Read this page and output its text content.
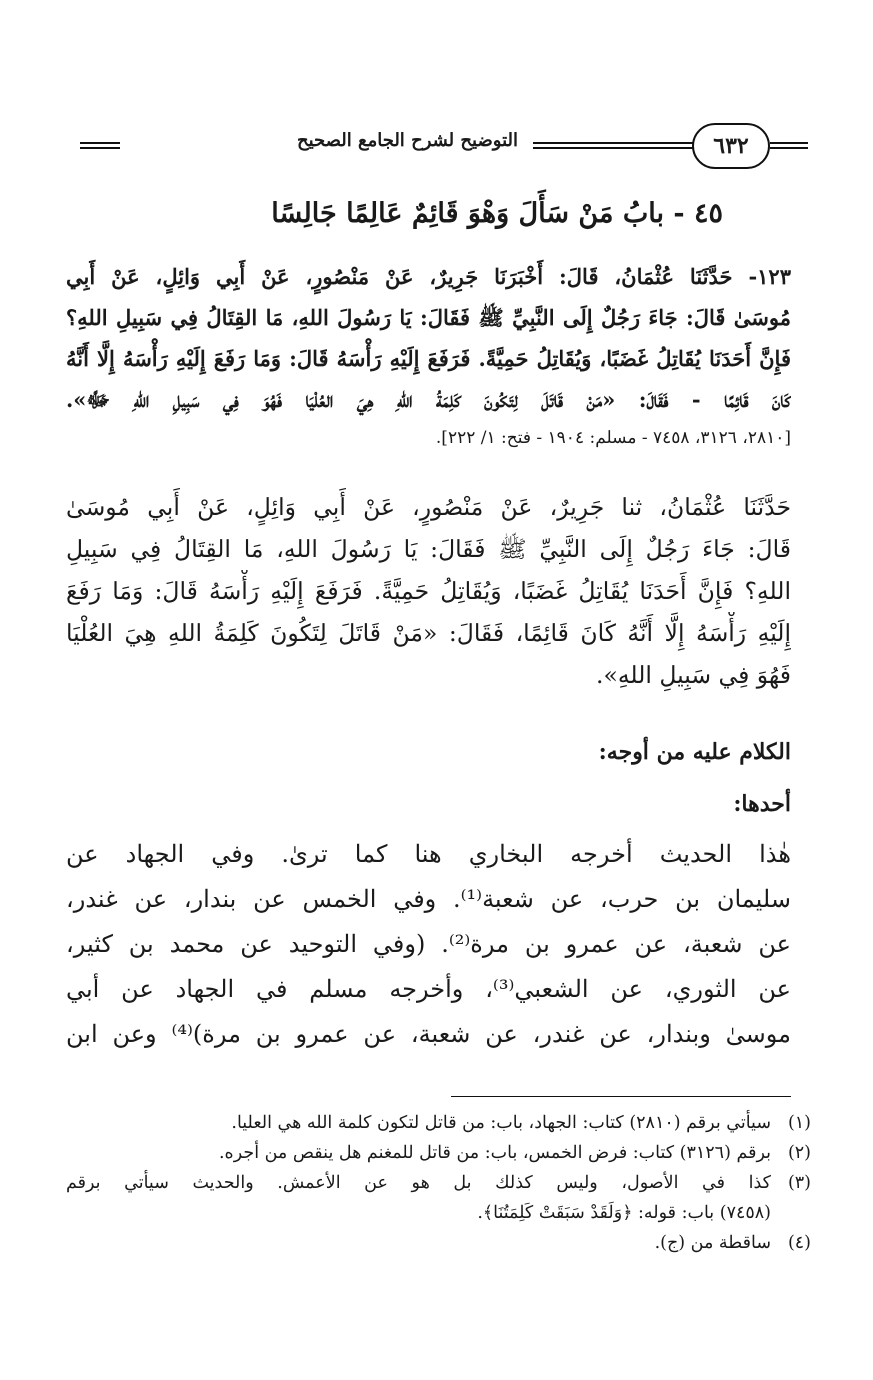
٦٣٢
التوضيح لشرح الجامع الصحيح
٤٥ - بابُ مَنْ سَأَلَ وَهْوَ قَائِمٌ عَالِمًا جَالِسًا
١٢٣- حَدَّثَنَا عُثْمَانُ، قَالَ: أَخْبَرَنَا جَرِيرٌ، عَنْ مَنْصُورٍ، عَنْ أَبِي وَائِلٍ، عَنْ أَبِي
مُوسَىٰ قَالَ: جَاءَ رَجُلٌ إِلَى النَّبِيِّ ﷺ فَقَالَ: يَا رَسُولَ اللهِ، مَا القِتَالُ فِي سَبِيلِ اللهِ؟
فَإِنَّ أَحَدَنَا يُقَاتِلُ غَضَبًا، وَيُقَاتِلُ حَمِيَّةً. فَرَفَعَ إِلَيْهِ رَأْسَهُ قَالَ: وَمَا رَفَعَ إِلَيْهِ رَأْسَهُ إِلَّا أَنَّهُ
كَانَ قَائِمًا - فَقَالَ: «مَنْ قَاتَلَ لِتَكُونَ كَلِمَةُ اللهِ هِيَ العُلْيَا فَهُوَ فِي سَبِيلِ اللهِ ﷻ».
[٢٨١٠، ٣١٢٦، ٧٤٥٨ - مسلم: ١٩٠٤ - فتح: ١/ ٢٢٢].
حَدَّثَنَا عُثْمَانُ، ثنا جَرِيرٌ، عَنْ مَنْصُورٍ، عَنْ أَبِي وَائِلٍ، عَنْ أَبِي مُوسَىٰ
قَالَ: جَاءَ رَجُلٌ إِلَى النَّبِيِّ ﷺ فَقَالَ: يَا رَسُولَ اللهِ، مَا القِتَالُ فِي سَبِيلِ
اللهِ؟ فَإِنَّ أَحَدَنَا يُقَاتِلُ غَضَبًا، وَيُقَاتِلُ حَمِيَّةً. فَرَفَعَ إِلَيْهِ رَأْسَهُ قَالَ: وَمَا رَفَعَ
إِلَيْهِ رَأْسَهُ إِلَّا أَنَّهُ كَانَ قَائِمًا، فَقَالَ: «مَنْ قَاتَلَ لِتَكُونَ كَلِمَةُ اللهِ هِيَ العُلْيَا
فَهُوَ فِي سَبِيلِ اللهِ».
الكلام عليه من أوجه:
أحدها:
هٰذا الحديث أخرجه البخاري هنا كما ترىٰ. وفي الجهاد عن
سليمان بن حرب، عن شعبة⁽¹⁾. وفي الخمس عن بندار، عن غندر،
عن شعبة، عن عمرو بن مرة⁽²⁾. (وفي التوحيد عن محمد بن كثير،
عن الثوري، عن الشعبي⁽³⁾، وأخرجه مسلم في الجهاد عن أبي
موسىٰ وبندار، عن غندر، عن شعبة، عن عمرو بن مرة)⁽⁴⁾ وعن ابن
(١)
سيأتي برقم (٢٨١٠) كتاب: الجهاد، باب: من قاتل لتكون كلمة الله هي العليا.
(٢)
برقم (٣١٢٦) كتاب: فرض الخمس، باب: من قاتل للمغنم هل ينقص من أجره.
(٣)
كذا في الأصول، وليس كذلك بل هو عن الأعمش. والحديث سيأتي برقم
(٧٤٥٨) باب: قوله: ﴿وَلَقَدْ سَبَقَتْ كَلِمَتُنَا﴾.
(٤)
ساقطة من (ج).
